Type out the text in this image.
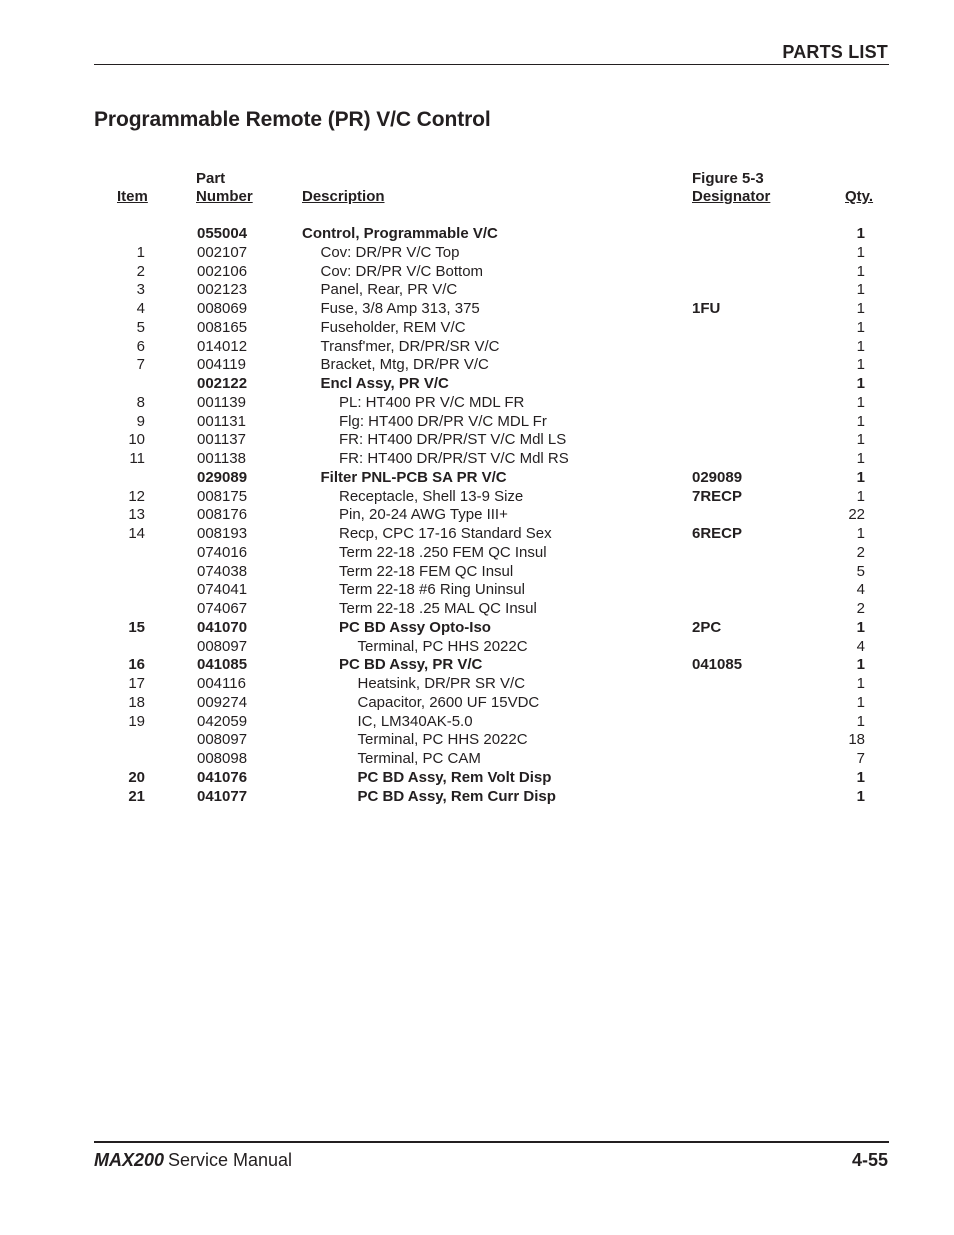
PARTS LIST
Programmable Remote (PR) V/C Control
Item
Part
Number	Description
Figure 5-3
Designator	Qty.
055004	Control, Programmable V/C	1
1	002107	Cov: DR/PR V/C Top	1
2	002106	Cov: DR/PR V/C Bottom	1
3	002123	Panel, Rear, PR V/C	1
4	008069	Fuse, 3/8 Amp 313, 375	1FU	1
5	008165	Fuseholder, REM V/C	1
6	014012	Transf'mer, DR/PR/SR V/C	1
7	004119	Bracket, Mtg, DR/PR V/C	1
002122	Encl Assy, PR V/C	1
8	001139	PL: HT400 PR V/C MDL FR	1
9	001131	Flg: HT400 DR/PR V/C MDL Fr	1
10	001137	FR: HT400 DR/PR/ST V/C Mdl LS	1
11	001138	FR: HT400 DR/PR/ST V/C Mdl RS	1
029089	Filter PNL-PCB SA PR V/C	029089	1
12	008175	Receptacle, Shell 13-9 Size	7RECP	1
13	008176	Pin, 20-24 AWG Type III+	22
14	008193	Recp, CPC 17-16 Standard Sex	6RECP	1
074016	Term 22-18 .250 FEM QC Insul	2
074038	Term 22-18 FEM QC Insul	5
074041	Term 22-18 #6 Ring Uninsul	4
074067	Term 22-18 .25 MAL QC Insul	2
15	041070	PC BD Assy Opto-Iso	2PC	1
008097	Terminal, PC HHS 2022C	4
16	041085	PC BD Assy, PR V/C	041085	1
17	004116	Heatsink, DR/PR SR V/C	1
18	009274	Capacitor, 2600 UF 15VDC	1
19	042059	IC, LM340AK-5.0	1
008097	Terminal, PC HHS 2022C	18
008098	Terminal, PC CAM	7
20	041076	PC BD Assy, Rem Volt Disp	1
21	041077	PC BD Assy, Rem Curr Disp	1
MAX200 Service Manual	4-55
